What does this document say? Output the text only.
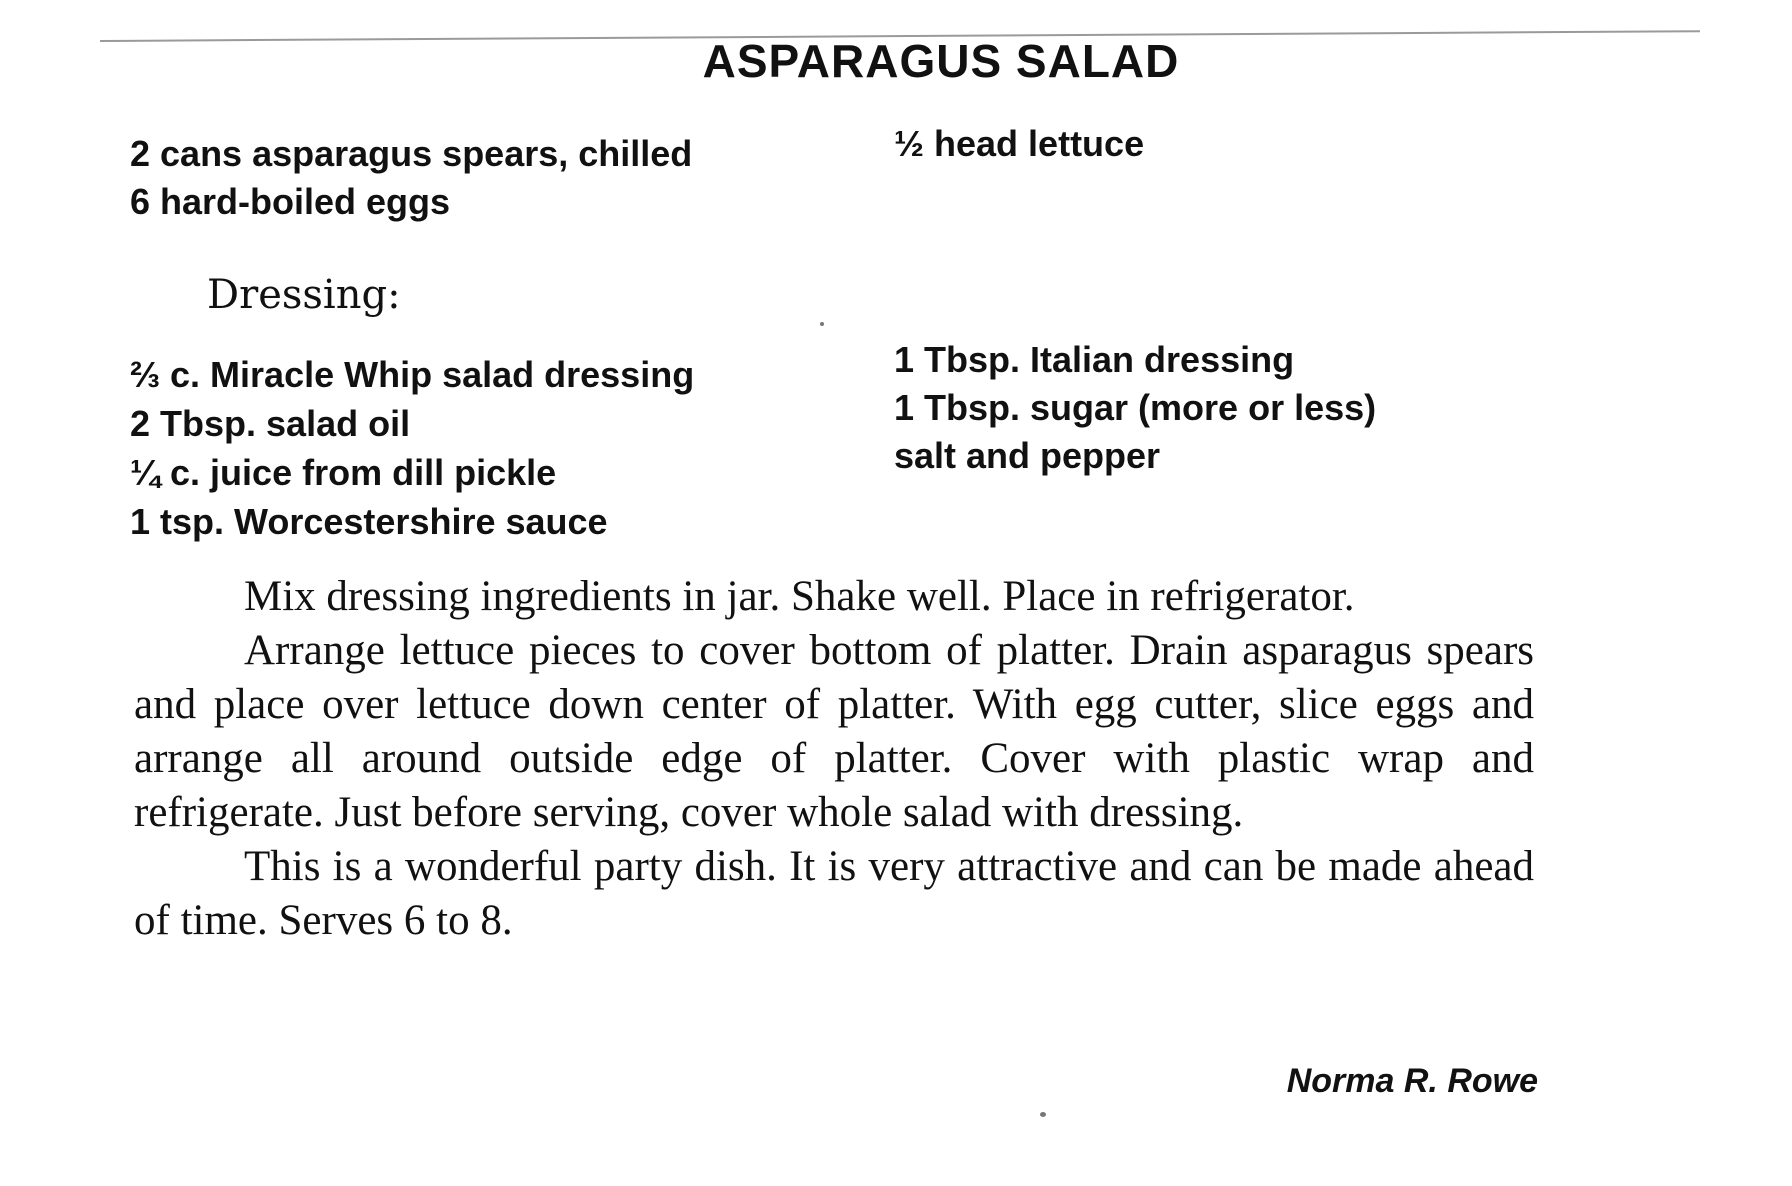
ASPARAGUS SALAD
2 cans asparagus spears, chilled
6 hard-boiled eggs
½ head lettuce
Dressing:
⅔ c. Miracle Whip salad dressing
2 Tbsp. salad oil
¼ c. juice from dill pickle
1 tsp. Worcestershire sauce
1 Tbsp. Italian dressing
1 Tbsp. sugar (more or less)
salt and pepper

Mix dressing ingredients in jar. Shake well. Place in refrigerator.

Arrange lettuce pieces to cover bottom of platter. Drain asparagus spears and place over lettuce down center of platter. With egg cutter, slice eggs and arrange all around outside edge of platter. Cover with plastic wrap and refrigerate. Just before serving, cover whole salad with dressing.

This is a wonderful party dish. It is very attractive and can be made ahead of time. Serves 6 to 8.

Norma R. Rowe
